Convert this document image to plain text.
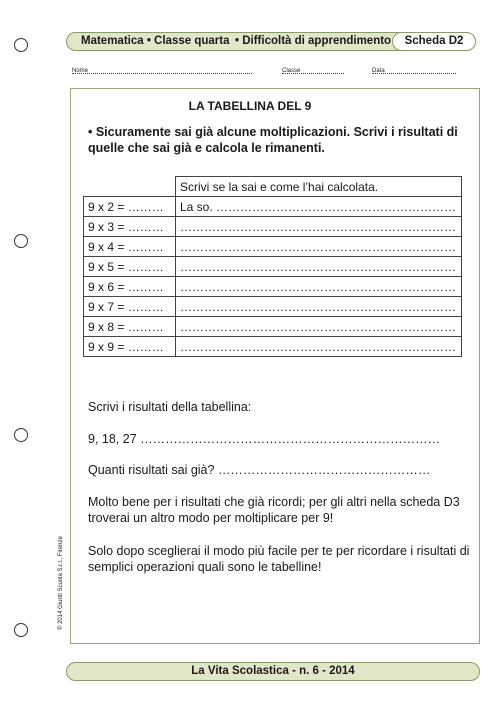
Matematica • Classe quarta • Difficoltà di apprendimento	Scheda D2
Nome	Classe	Data
LA TABELLINA DEL 9
• Sicuramente sai già alcune moltiplicazioni. Scrivi i risultati di quelle che sai già e calcola le rimanenti.
	Scrivi se la sai e come l’hai calcolata.
9 x 2 = ………	La so. ……………………………………………………
9 x 3 = ………	……………………………………………………………
9 x 4 = ………	……………………………………………………………
9 x 5 = ………	……………………………………………………………
9 x 6 = ………	……………………………………………………………
9 x 7 = ………	……………………………………………………………
9 x 8 = ………	……………………………………………………………
9 x 9 = ………	……………………………………………………………
Scrivi i risultati della tabellina:
9, 18, 27 ………………………………………………………………
Quanti risultati sai già? ……………………………………………
Molto bene per i risultati che già ricordi; per gli altri nella scheda D3 troverai un altro modo per moltiplicare per 9!
Solo dopo sceglierai il modo più facile per te per ricordare i risultati di semplici operazioni quali sono le tabelline!
© 2014 Giunti Scuola S.r.l., Firenze
La Vita Scolastica - n. 6 - 2014
